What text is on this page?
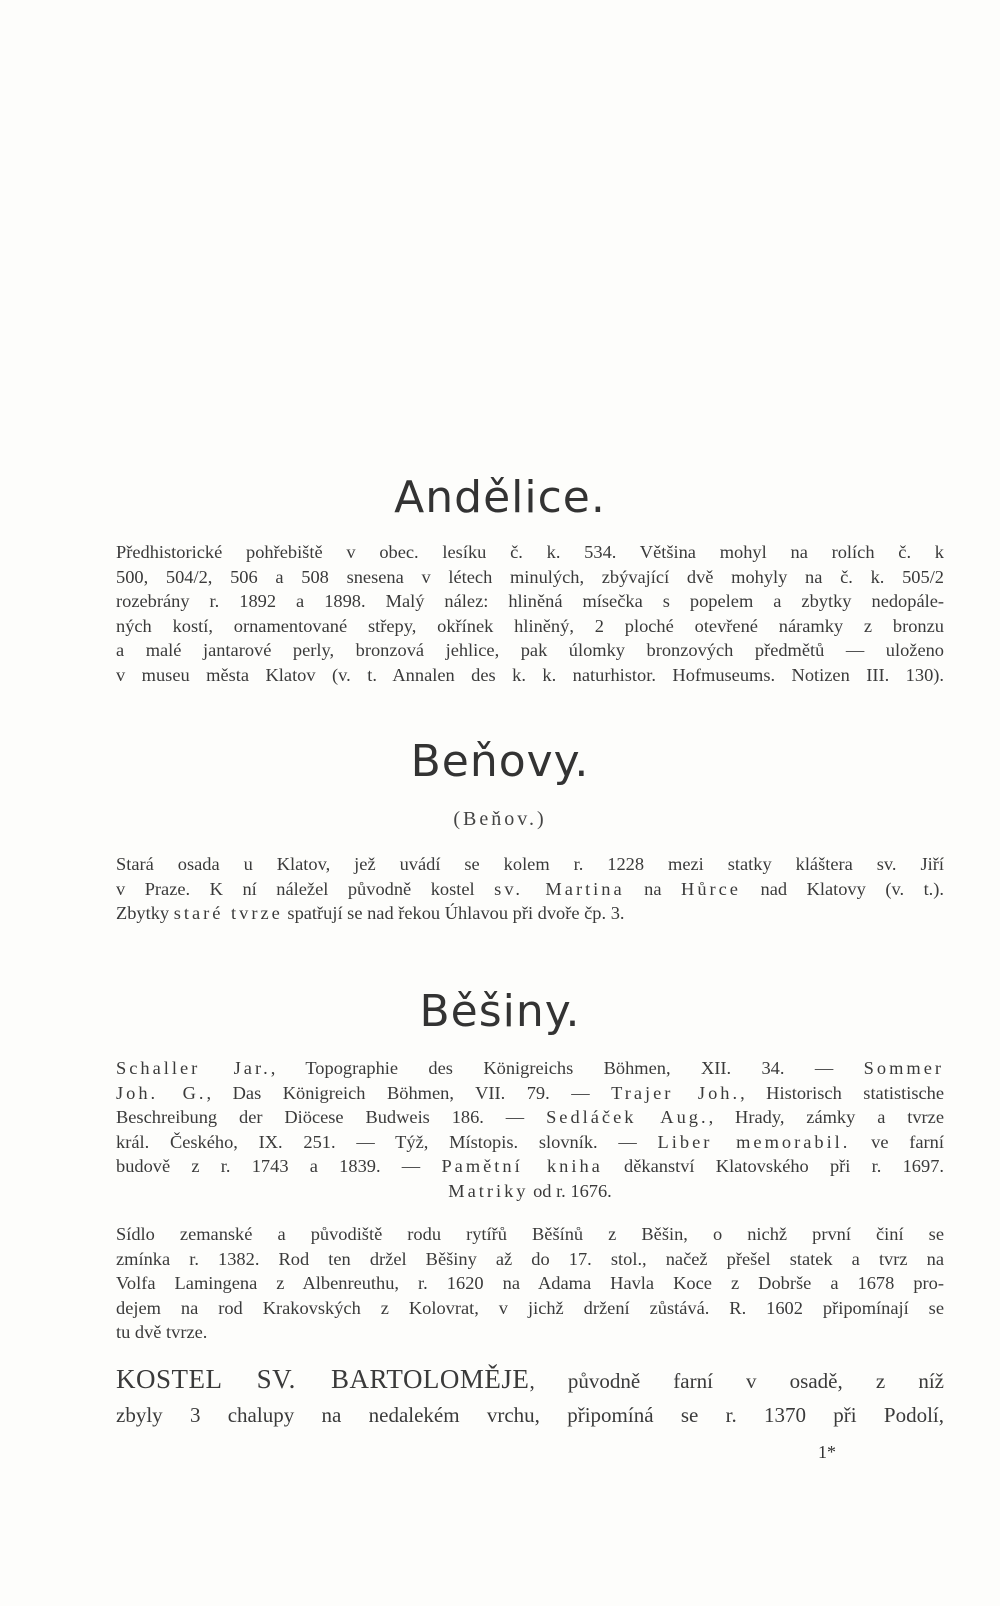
Andělice.
Předhistorické pohřebiště v obec. lesíku č. k. 534. Většina mohyl na rolích č. k
500, 504/2, 506 a 508 snesena v létech minulých, zbývající dvě mohyly na č. k. 505/2
rozebrány r. 1892 a 1898. Malý nález: hliněná mísečka s popelem a zbytky nedopále-
ných kostí, ornamentované střepy, okřínek hliněný, 2 ploché otevřené náramky z bronzu
a malé jantarové perly, bronzová jehlice, pak úlomky bronzových předmětů — uloženo
v museu města Klatov (v. t. Annalen des k. k. naturhistor. Hofmuseums. Notizen III. 130).
Beňovy.
(Beňov.)
Stará osada u Klatov, jež uvádí se kolem r. 1228 mezi statky kláštera sv. Jiří
v Praze. K ní náležel původně kostel sv. Martina na Hůrce nad Klatovy (v. t.).
Zbytky staré tvrze spatřují se nad řekou Úhlavou při dvoře čp. 3.
Běšiny.
Schaller Jar., Topographie des Königreichs Böhmen, XII. 34. — Sommer
Joh. G., Das Königreich Böhmen, VII. 79. — Trajer Joh., Historisch statistische
Beschreibung der Diöcese Budweis 186. — Sedláček Aug., Hrady, zámky a tvrze
král. Českého, IX. 251. — Týž, Místopis. slovník. — Liber memorabil. ve farní
budově z r. 1743 a 1839. — Pamětní kniha děkanství Klatovského při r. 1697.
Matriky od r. 1676.
Sídlo zemanské a původiště rodu rytířů Běšínů z Běšin, o nichž první činí se
zmínka r. 1382. Rod ten držel Běšiny až do 17. stol., načež přešel statek a tvrz na
Volfa Lamingena z Albenreuthu, r. 1620 na Adama Havla Koce z Dobrše a 1678 pro-
dejem na rod Krakovských z Kolovrat, v jichž držení zůstává. R. 1602 připomínají se
tu dvě tvrze.
KOSTEL SV. BARTOLOMĚJE, původně farní v osadě, z níž
zbyly 3 chalupy na nedalekém vrchu, připomíná se r. 1370 při Podolí,
1*
